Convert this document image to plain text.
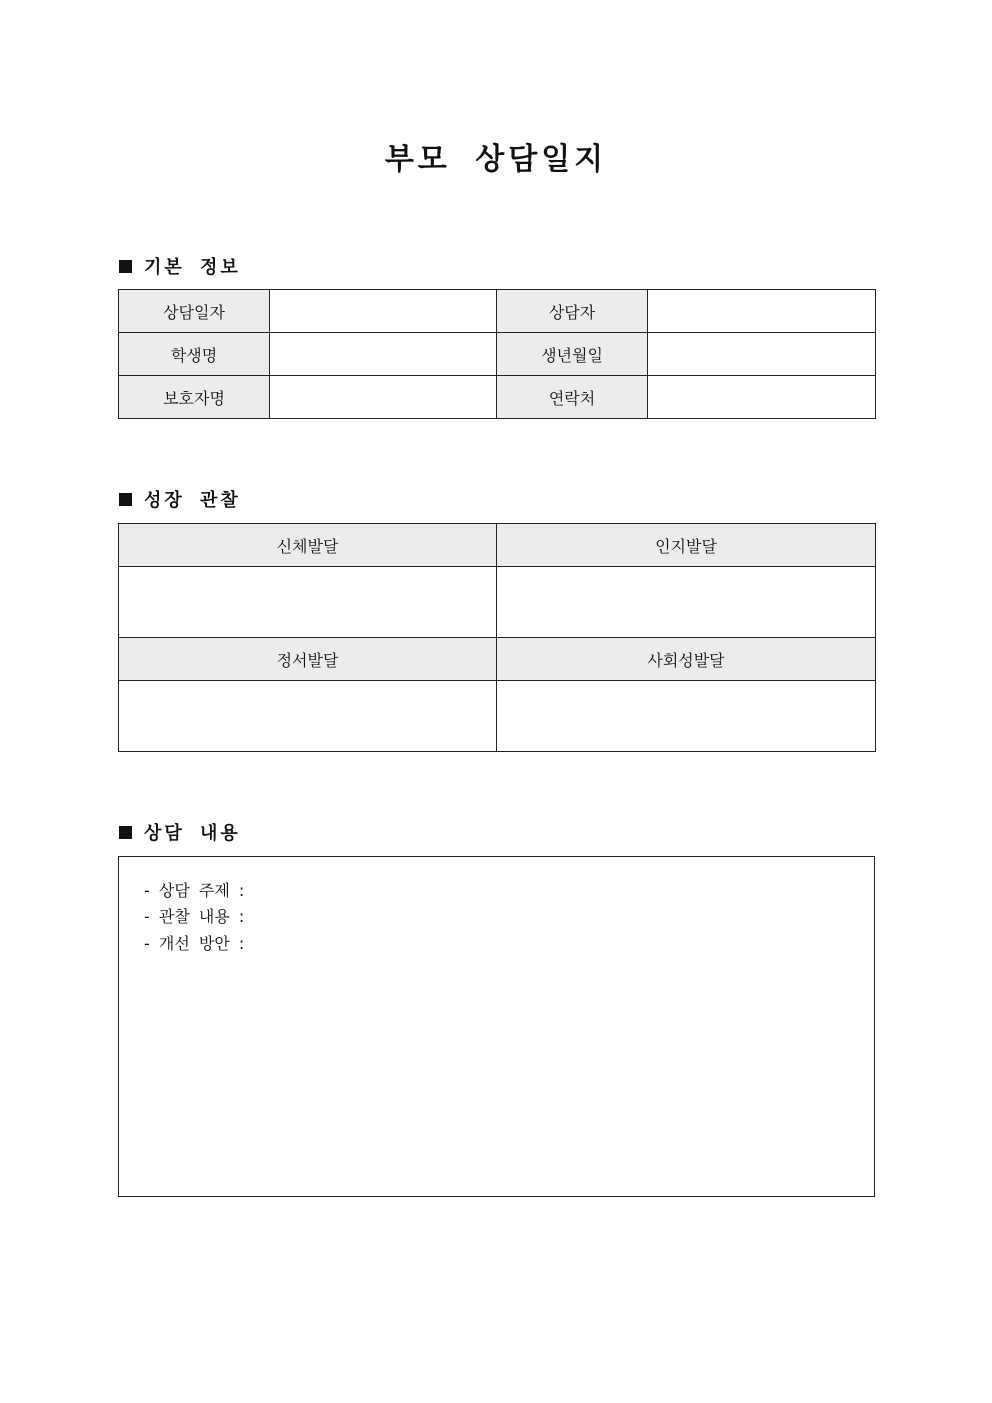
부모 상담일지
기본 정보
상담일자		상담자	
학생명		생년월일	
보호자명		연락처	
성장 관찰
신체발달	인지발달

정서발달	사회성발달

상담 내용
- 상담 주제 :
- 관찰 내용 :
- 개선 방안 :
